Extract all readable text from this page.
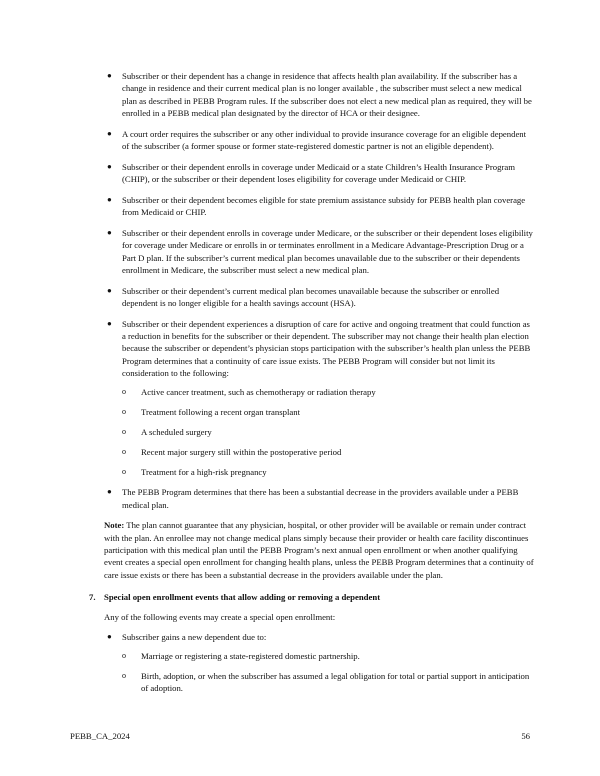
● Subscriber or their dependent has a change in residence that affects health plan availability. If the subscriber has a change in residence and their current medical plan is no longer available , the subscriber must select a new medical plan as described in PEBB Program rules. If the subscriber does not elect a new medical plan as required, they will be enrolled in a PEBB medical plan designated by the director of HCA or their designee.
● A court order requires the subscriber or any other individual to provide insurance coverage for an eligible dependent of the subscriber (a former spouse or former state-registered domestic partner is not an eligible dependent).
● Subscriber or their dependent enrolls in coverage under Medicaid or a state Children’s Health Insurance Program (CHIP), or the subscriber or their dependent loses eligibility for coverage under Medicaid or CHIP.
● Subscriber or their dependent becomes eligible for state premium assistance subsidy for PEBB health plan coverage from Medicaid or CHIP.
● Subscriber or their dependent enrolls in coverage under Medicare, or the subscriber or their dependent loses eligibility for coverage under Medicare or enrolls in or terminates enrollment in a Medicare Advantage-Prescription Drug or a Part D plan. If the subscriber’s current medical plan becomes unavailable due to the subscriber or their dependents enrollment in Medicare, the subscriber must select a new medical plan.
● Subscriber or their dependent’s current medical plan becomes unavailable because the subscriber or enrolled dependent is no longer eligible for a health savings account (HSA).
● Subscriber or their dependent experiences a disruption of care for active and ongoing treatment that could function as a reduction in benefits for the subscriber or their dependent. The subscriber may not change their health plan election because the subscriber or dependent’s physician stops participation with the subscriber’s health plan unless the PEBB Program determines that a continuity of care issue exists. The PEBB Program will consider but not limit its consideration to the following:
o Active cancer treatment, such as chemotherapy or radiation therapy
o Treatment following a recent organ transplant
o A scheduled surgery
o Recent major surgery still within the postoperative period
o Treatment for a high-risk pregnancy
● The PEBB Program determines that there has been a substantial decrease in the providers available under a PEBB medical plan.
Note: The plan cannot guarantee that any physician, hospital, or other provider will be available or remain under contract with the plan. An enrollee may not change medical plans simply because their provider or health care facility discontinues participation with this medical plan until the PEBB Program’s next annual open enrollment or when another qualifying event creates a special open enrollment for changing health plans, unless the PEBB Program determines that a continuity of care issue exists or there has been a substantial decrease in the providers available under the plan.
7. Special open enrollment events that allow adding or removing a dependent
Any of the following events may create a special open enrollment:
● Subscriber gains a new dependent due to:
o Marriage or registering a state-registered domestic partnership.
o Birth, adoption, or when the subscriber has assumed a legal obligation for total or partial support in anticipation of adoption.
PEBB_CA_2024	56
